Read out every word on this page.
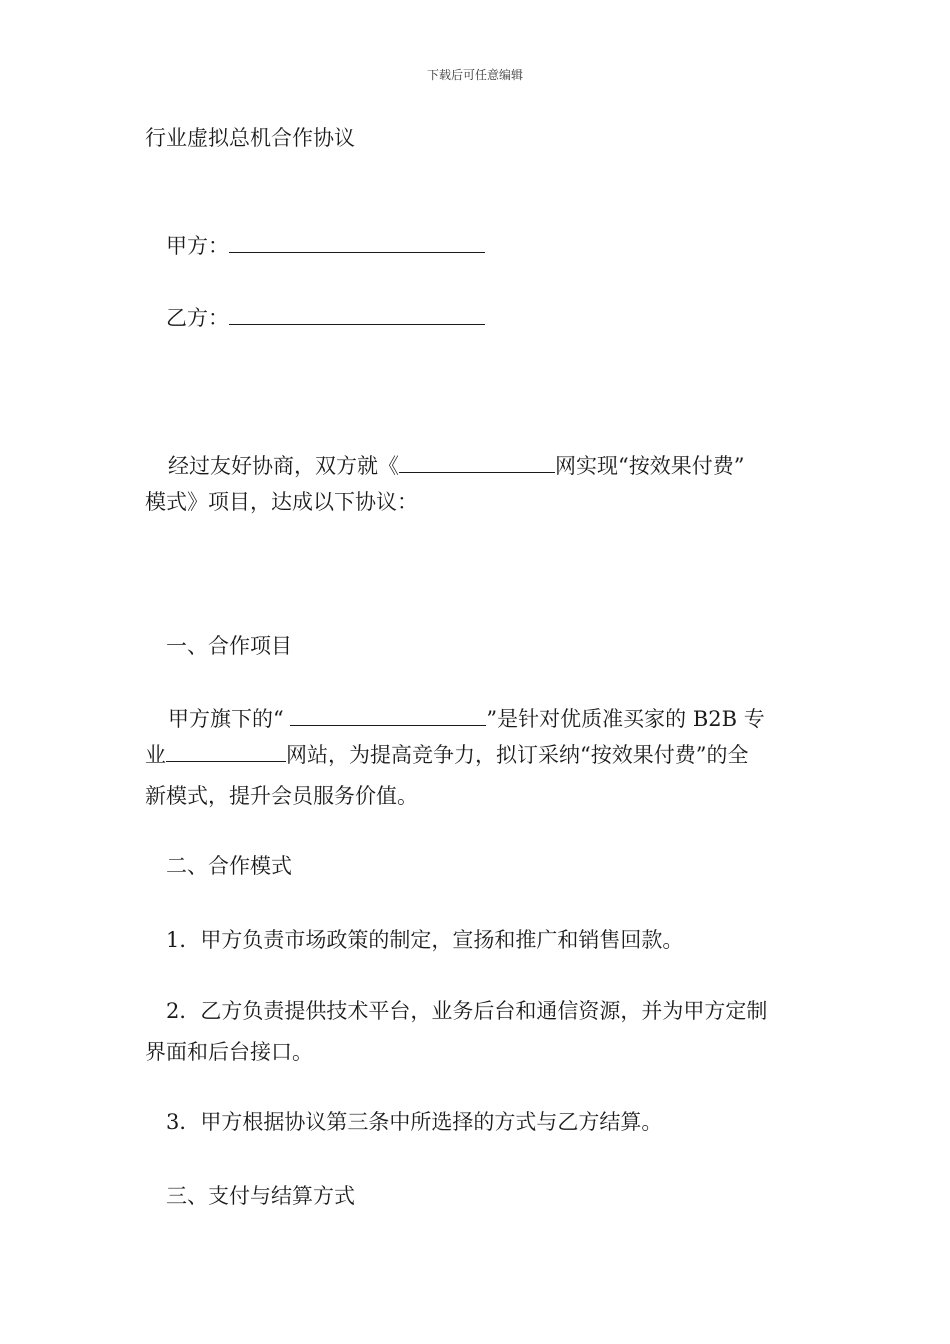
下载后可任意编辑
行业虚拟总机合作协议
甲方：
乙方：
经过友好协商，双方就《	网实现“按效果付费”
模式》项目，达成以下协议：
一、合作项目
甲方旗下的“	”是针对优质准买家的 B2B 专
业	网站，为提高竞争力，拟订采纳“按效果付费”的全
新模式，提升会员服务价值。
二、合作模式
1．甲方负责市场政策的制定，宣扬和推广和销售回款。
2．乙方负责提供技术平台，业务后台和通信资源，并为甲方定制
界面和后台接口。
3．甲方根据协议第三条中所选择的方式与乙方结算。
三、支付与结算方式
